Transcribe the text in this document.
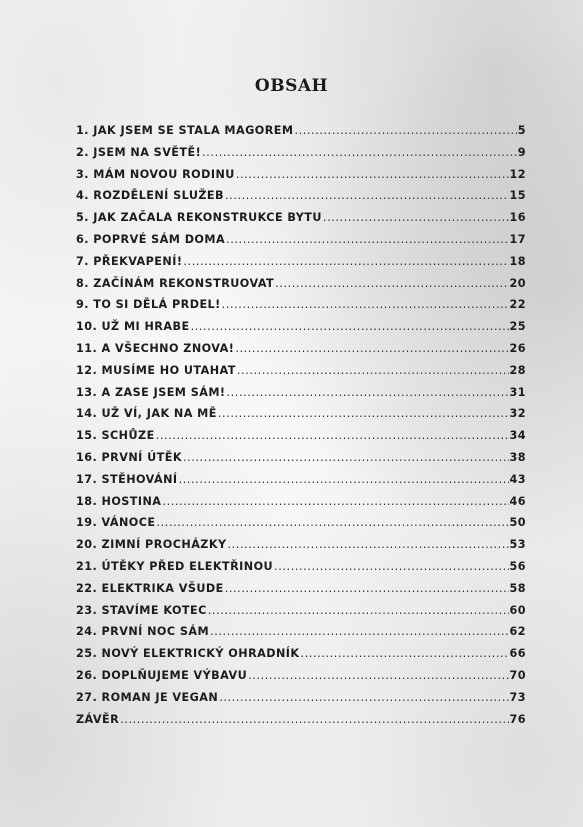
OBSAH
1. JAK JSEM SE STALA MAGOREM .....	5
2. JSEM NA SVĚTĚ! .....	9
3. MÁM NOVOU RODINU .....	12
4. ROZDĚLENÍ SLUŽEB .....	15
5. JAK ZAČALA REKONSTRUKCE BYTU .....	16
6. POPRVÉ SÁM DOMA .....	17
7. PŘEKVAPENÍ! .....	18
8. ZAČÍNÁM REKONSTRUOVAT .....	20
9. TO SI DĚLÁ PRDEL! .....	22
10. UŽ MI HRABE .....	25
11. A VŠECHNO ZNOVA! .....	26
12. MUSÍME HO UTAHAT .....	28
13. A ZASE JSEM SÁM! .....	31
14. UŽ VÍ, JAK NA MĚ .....	32
15. SCHŮZE .....	34
16. PRVNÍ ÚTĚK .....	38
17. STĚHOVÁNÍ .....	43
18. HOSTINA .....	46
19. VÁNOCE .....	50
20. ZIMNÍ PROCHÁZKY .....	53
21. ÚTĚKY PŘED ELEKTŘINOU .....	56
22. ELEKTRIKA VŠUDE .....	58
23. STAVÍME KOTEC .....	60
24. PRVNÍ NOC SÁM .....	62
25. NOVÝ ELEKTRICKÝ OHRADNÍK .....	66
26. DOPLŇUJEME VÝBAVU .....	70
27. ROMAN JE VEGAN .....	73
ZÁVĚR .....	76
